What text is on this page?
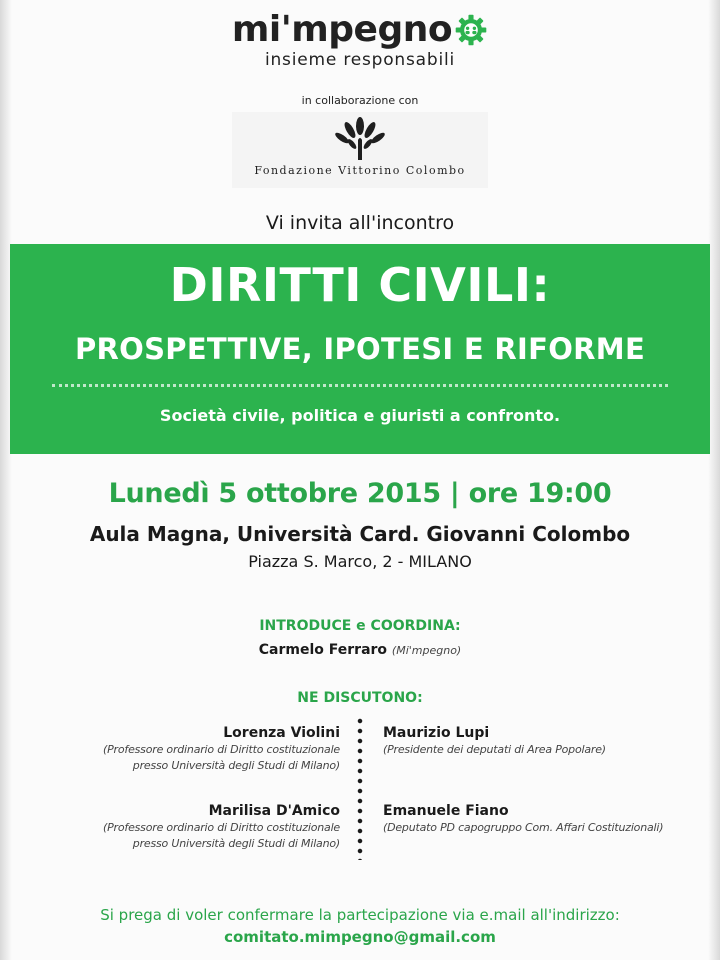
mi'mpegno
insieme responsabili
in collaborazione con
Fondazione Vittorino Colombo
Vi invita all'incontro
DIRITTI CIVILI:
PROSPETTIVE, IPOTESI E RIFORME
Società civile, politica e giuristi a confronto.
Lunedì 5 ottobre 2015 | ore 19:00
Aula Magna, Università Card. Giovanni Colombo
Piazza S. Marco, 2 - MILANO
INTRODUCE e COORDINA:
Carmelo Ferraro (Mi'mpegno)
NE DISCUTONO:
Lorenza Violini
(Professore ordinario di Diritto costituzionale
presso Università degli Studi di Milano)
Maurizio Lupi
(Presidente dei deputati di Area Popolare)
Marilisa D'Amico
(Professore ordinario di Diritto costituzionale
presso Università degli Studi di Milano)
Emanuele Fiano
(Deputato PD capogruppo Com. Affari Costituzionali)
Si prega di voler confermare la partecipazione via e.mail all'indirizzo:
comitato.mimpegno@gmail.com
